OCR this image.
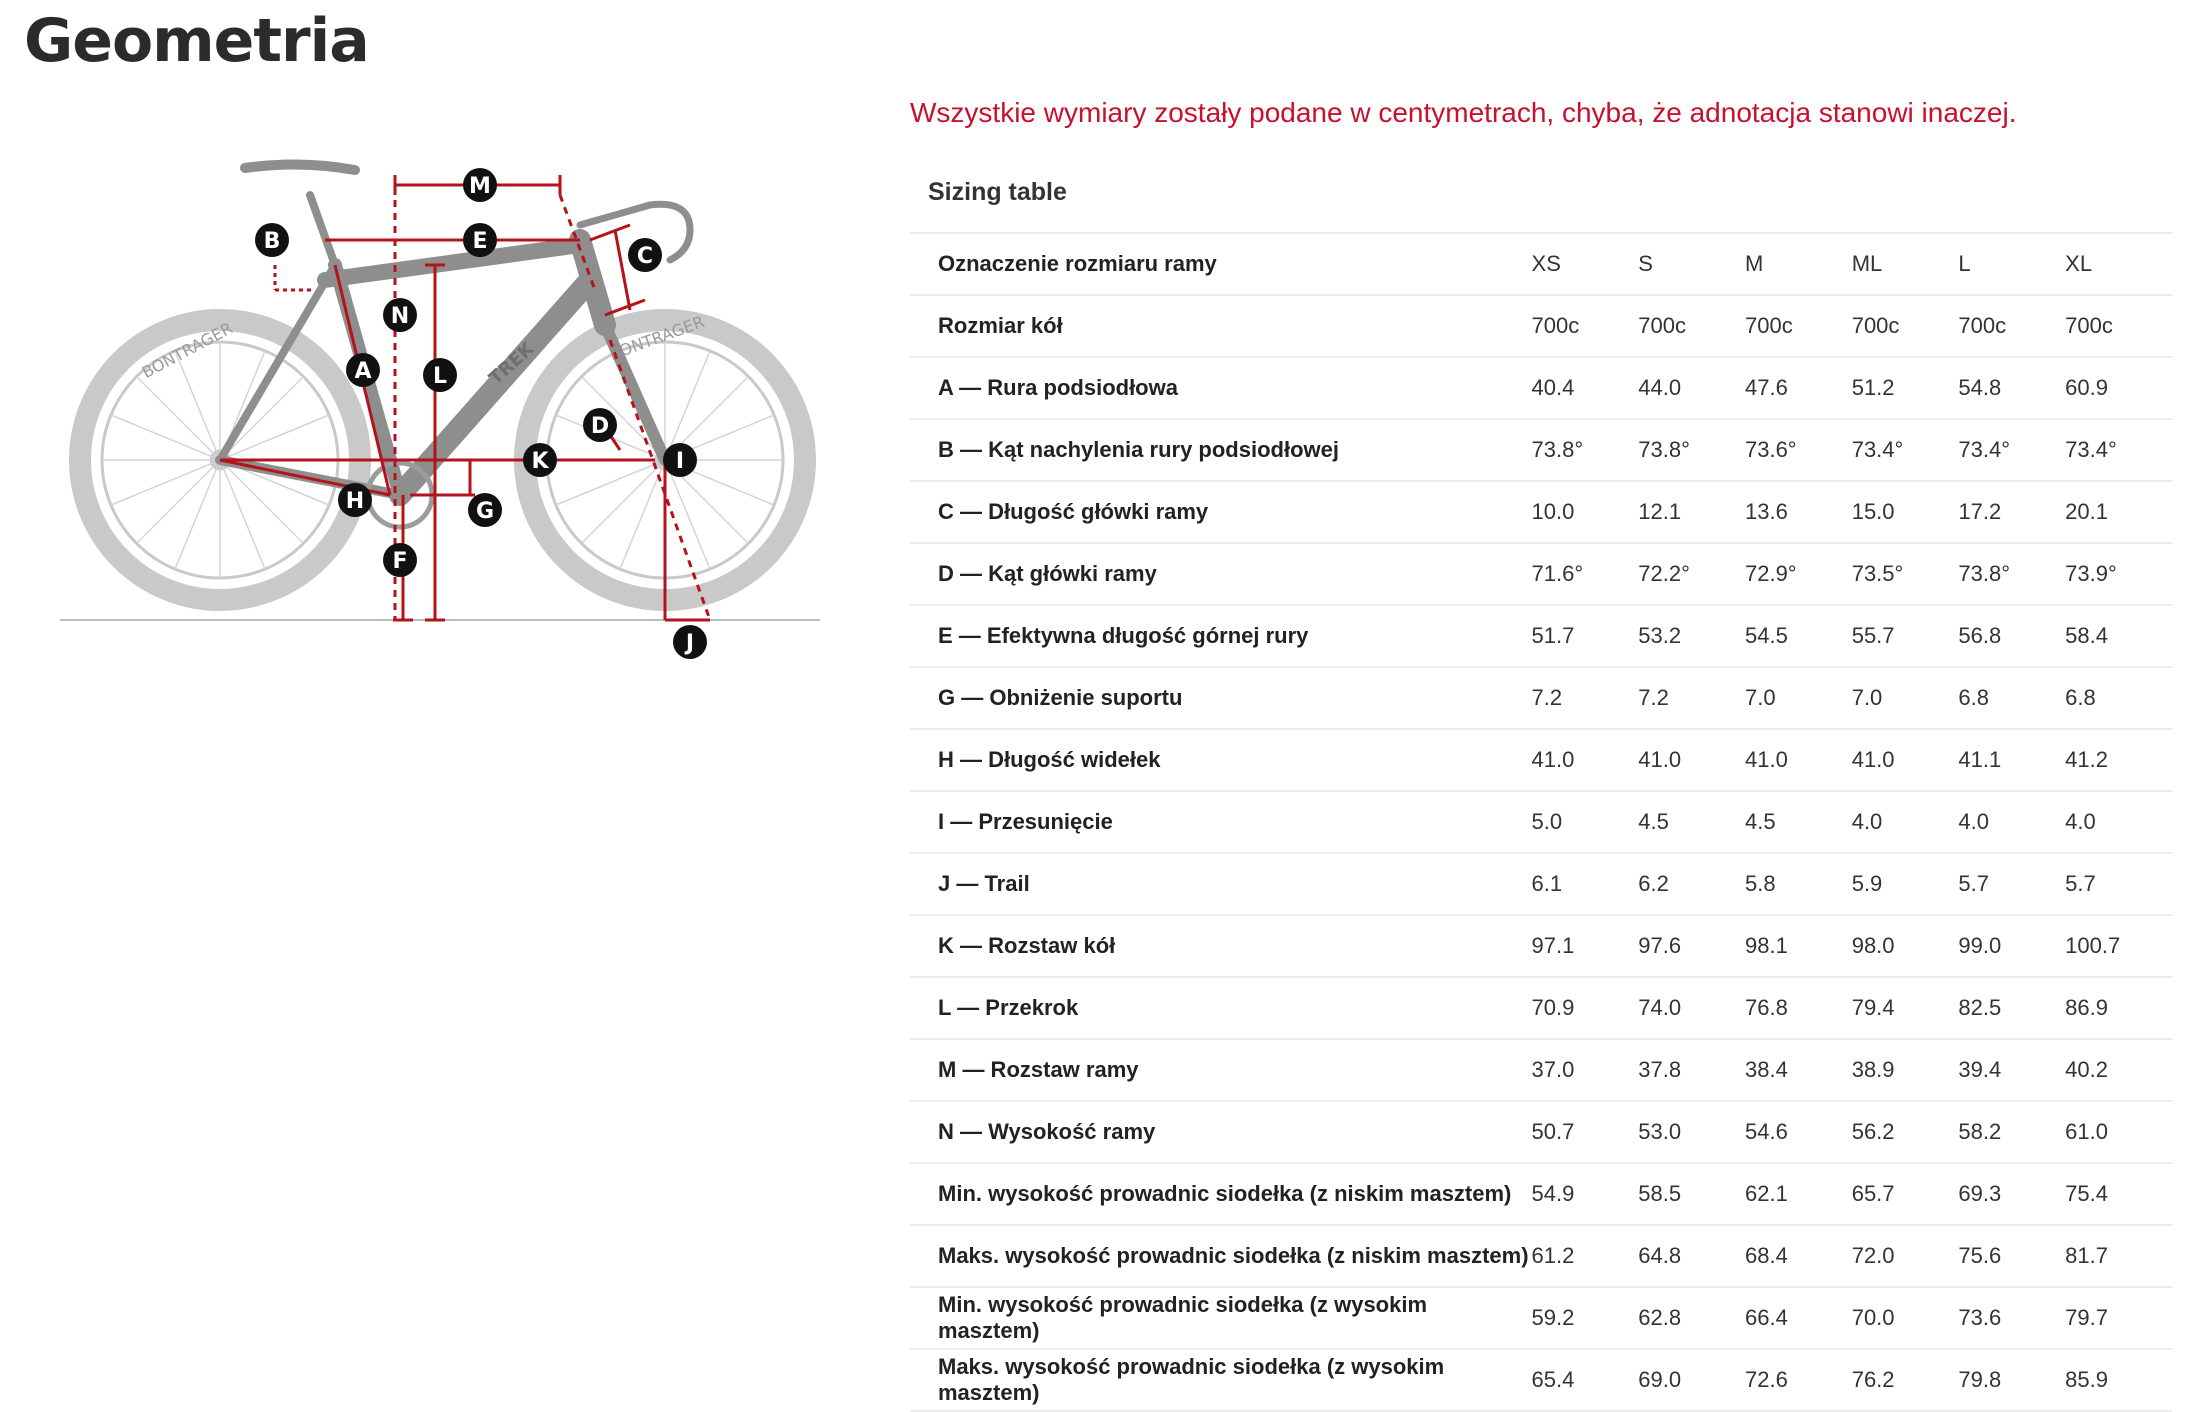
Geometria
BONTRAGER	BONTRAGER
TREK
M
B	E
C
N
A	L
D
I
K
H	G
F
J
Wszystkie wymiary zostały podane w centymetrach, chyba, że adnotacja stanowi inaczej.
Sizing table
Oznaczenie rozmiaru ramy	XS	S	M	ML	L	XL
Rozmiar kół	700c	700c	700c	700c	700c	700c
A — Rura podsiodłowa	40.4	44.0	47.6	51.2	54.8	60.9
B — Kąt nachylenia rury podsiodłowej	73.8°	73.8°	73.6°	73.4°	73.4°	73.4°
C — Długość główki ramy	10.0	12.1	13.6	15.0	17.2	20.1
D — Kąt główki ramy	71.6°	72.2°	72.9°	73.5°	73.8°	73.9°
E — Efektywna długość górnej rury	51.7	53.2	54.5	55.7	56.8	58.4
G — Obniżenie suportu	7.2	7.2	7.0	7.0	6.8	6.8
H — Długość widełek	41.0	41.0	41.0	41.0	41.1	41.2
I — Przesunięcie	5.0	4.5	4.5	4.0	4.0	4.0
J — Trail	6.1	6.2	5.8	5.9	5.7	5.7
K — Rozstaw kół	97.1	97.6	98.1	98.0	99.0	100.7
L — Przekrok	70.9	74.0	76.8	79.4	82.5	86.9
M — Rozstaw ramy	37.0	37.8	38.4	38.9	39.4	40.2
N — Wysokość ramy	50.7	53.0	54.6	56.2	58.2	61.0
Min. wysokość prowadnic siodełka (z niskim masztem)	54.9	58.5	62.1	65.7	69.3	75.4
Maks. wysokość prowadnic siodełka (z niskim masztem)	61.2	64.8	68.4	72.0	75.6	81.7
Min. wysokość prowadnic siodełka (z wysokim masztem)	59.2	62.8	66.4	70.0	73.6	79.7
Maks. wysokość prowadnic siodełka (z wysokim masztem)	65.4	69.0	72.6	76.2	79.8	85.9
